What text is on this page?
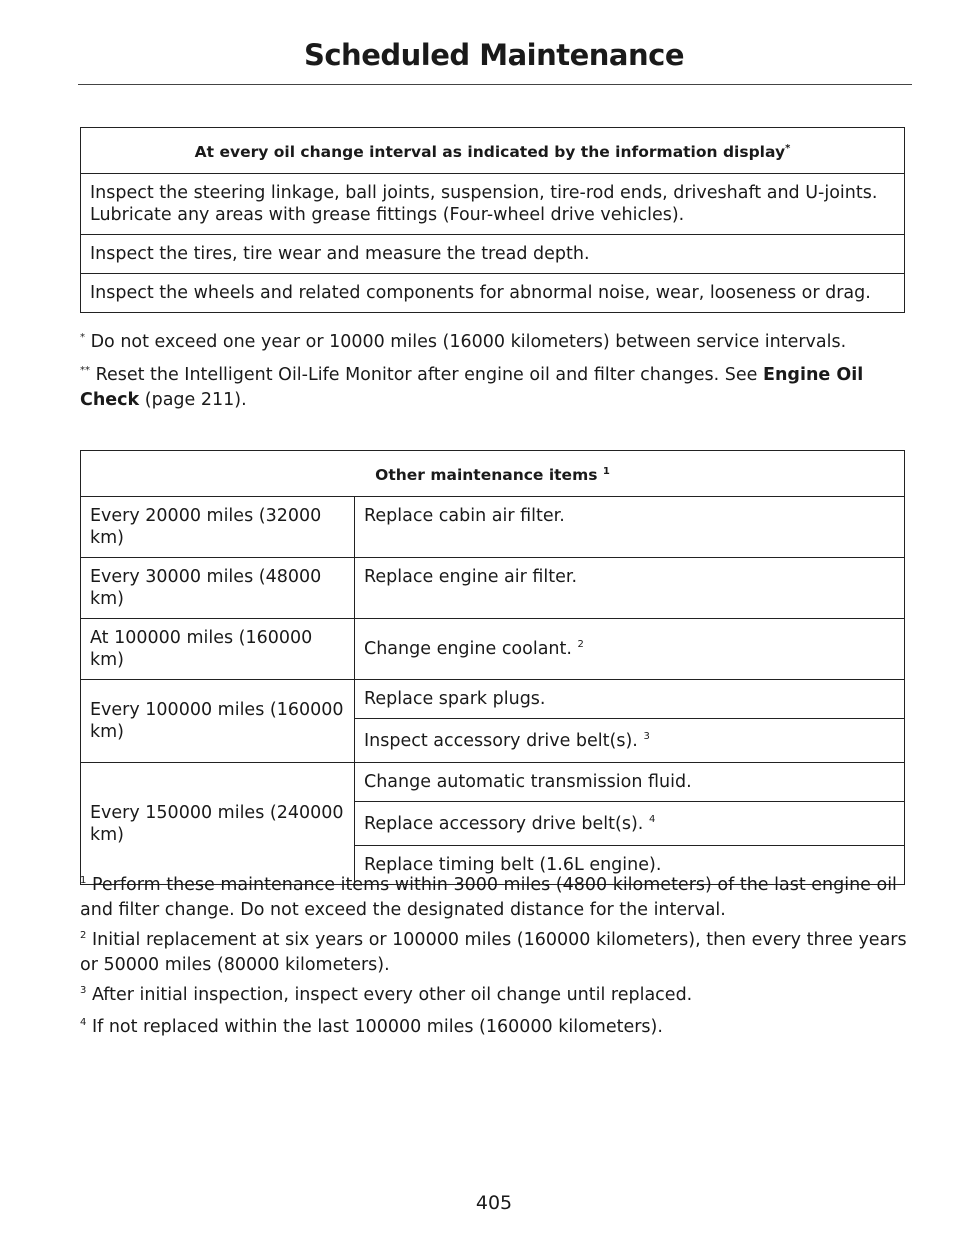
Scheduled Maintenance
At every oil change interval as indicated by the information display*
Inspect the steering linkage, ball joints, suspension, tire-rod ends, driveshaft and U-joints. Lubricate any areas with grease fittings (Four-wheel drive vehicles).
Inspect the tires, tire wear and measure the tread depth.
Inspect the wheels and related components for abnormal noise, wear, looseness or drag.
* Do not exceed one year or 10000 miles (16000 kilometers) between service intervals.
** Reset the Intelligent Oil-Life Monitor after engine oil and filter changes. See Engine Oil Check (page 211).
Other maintenance items $^1$
Every 20000 miles (32000 km)	Replace cabin air filter.
Every 30000 miles (48000 km)	Replace engine air filter.
At 100000 miles (160000 km)	Change engine coolant. $^2$
Every 100000 miles (160000 km)	Replace spark plugs.
	Inspect accessory drive belt(s). $^3$
Every 150000 miles (240000 km)	Change automatic transmission fluid.
	Replace accessory drive belt(s). $^4$
	Replace timing belt (1.6L engine).
$^1$ Perform these maintenance items within 3000 miles (4800 kilometers) of the last engine oil and filter change. Do not exceed the designated distance for the interval.
$^2$ Initial replacement at six years or 100000 miles (160000 kilometers), then every three years or 50000 miles (80000 kilometers).
$^3$ After initial inspection, inspect every other oil change until replaced.
$^4$ If not replaced within the last 100000 miles (160000 kilometers).
405
